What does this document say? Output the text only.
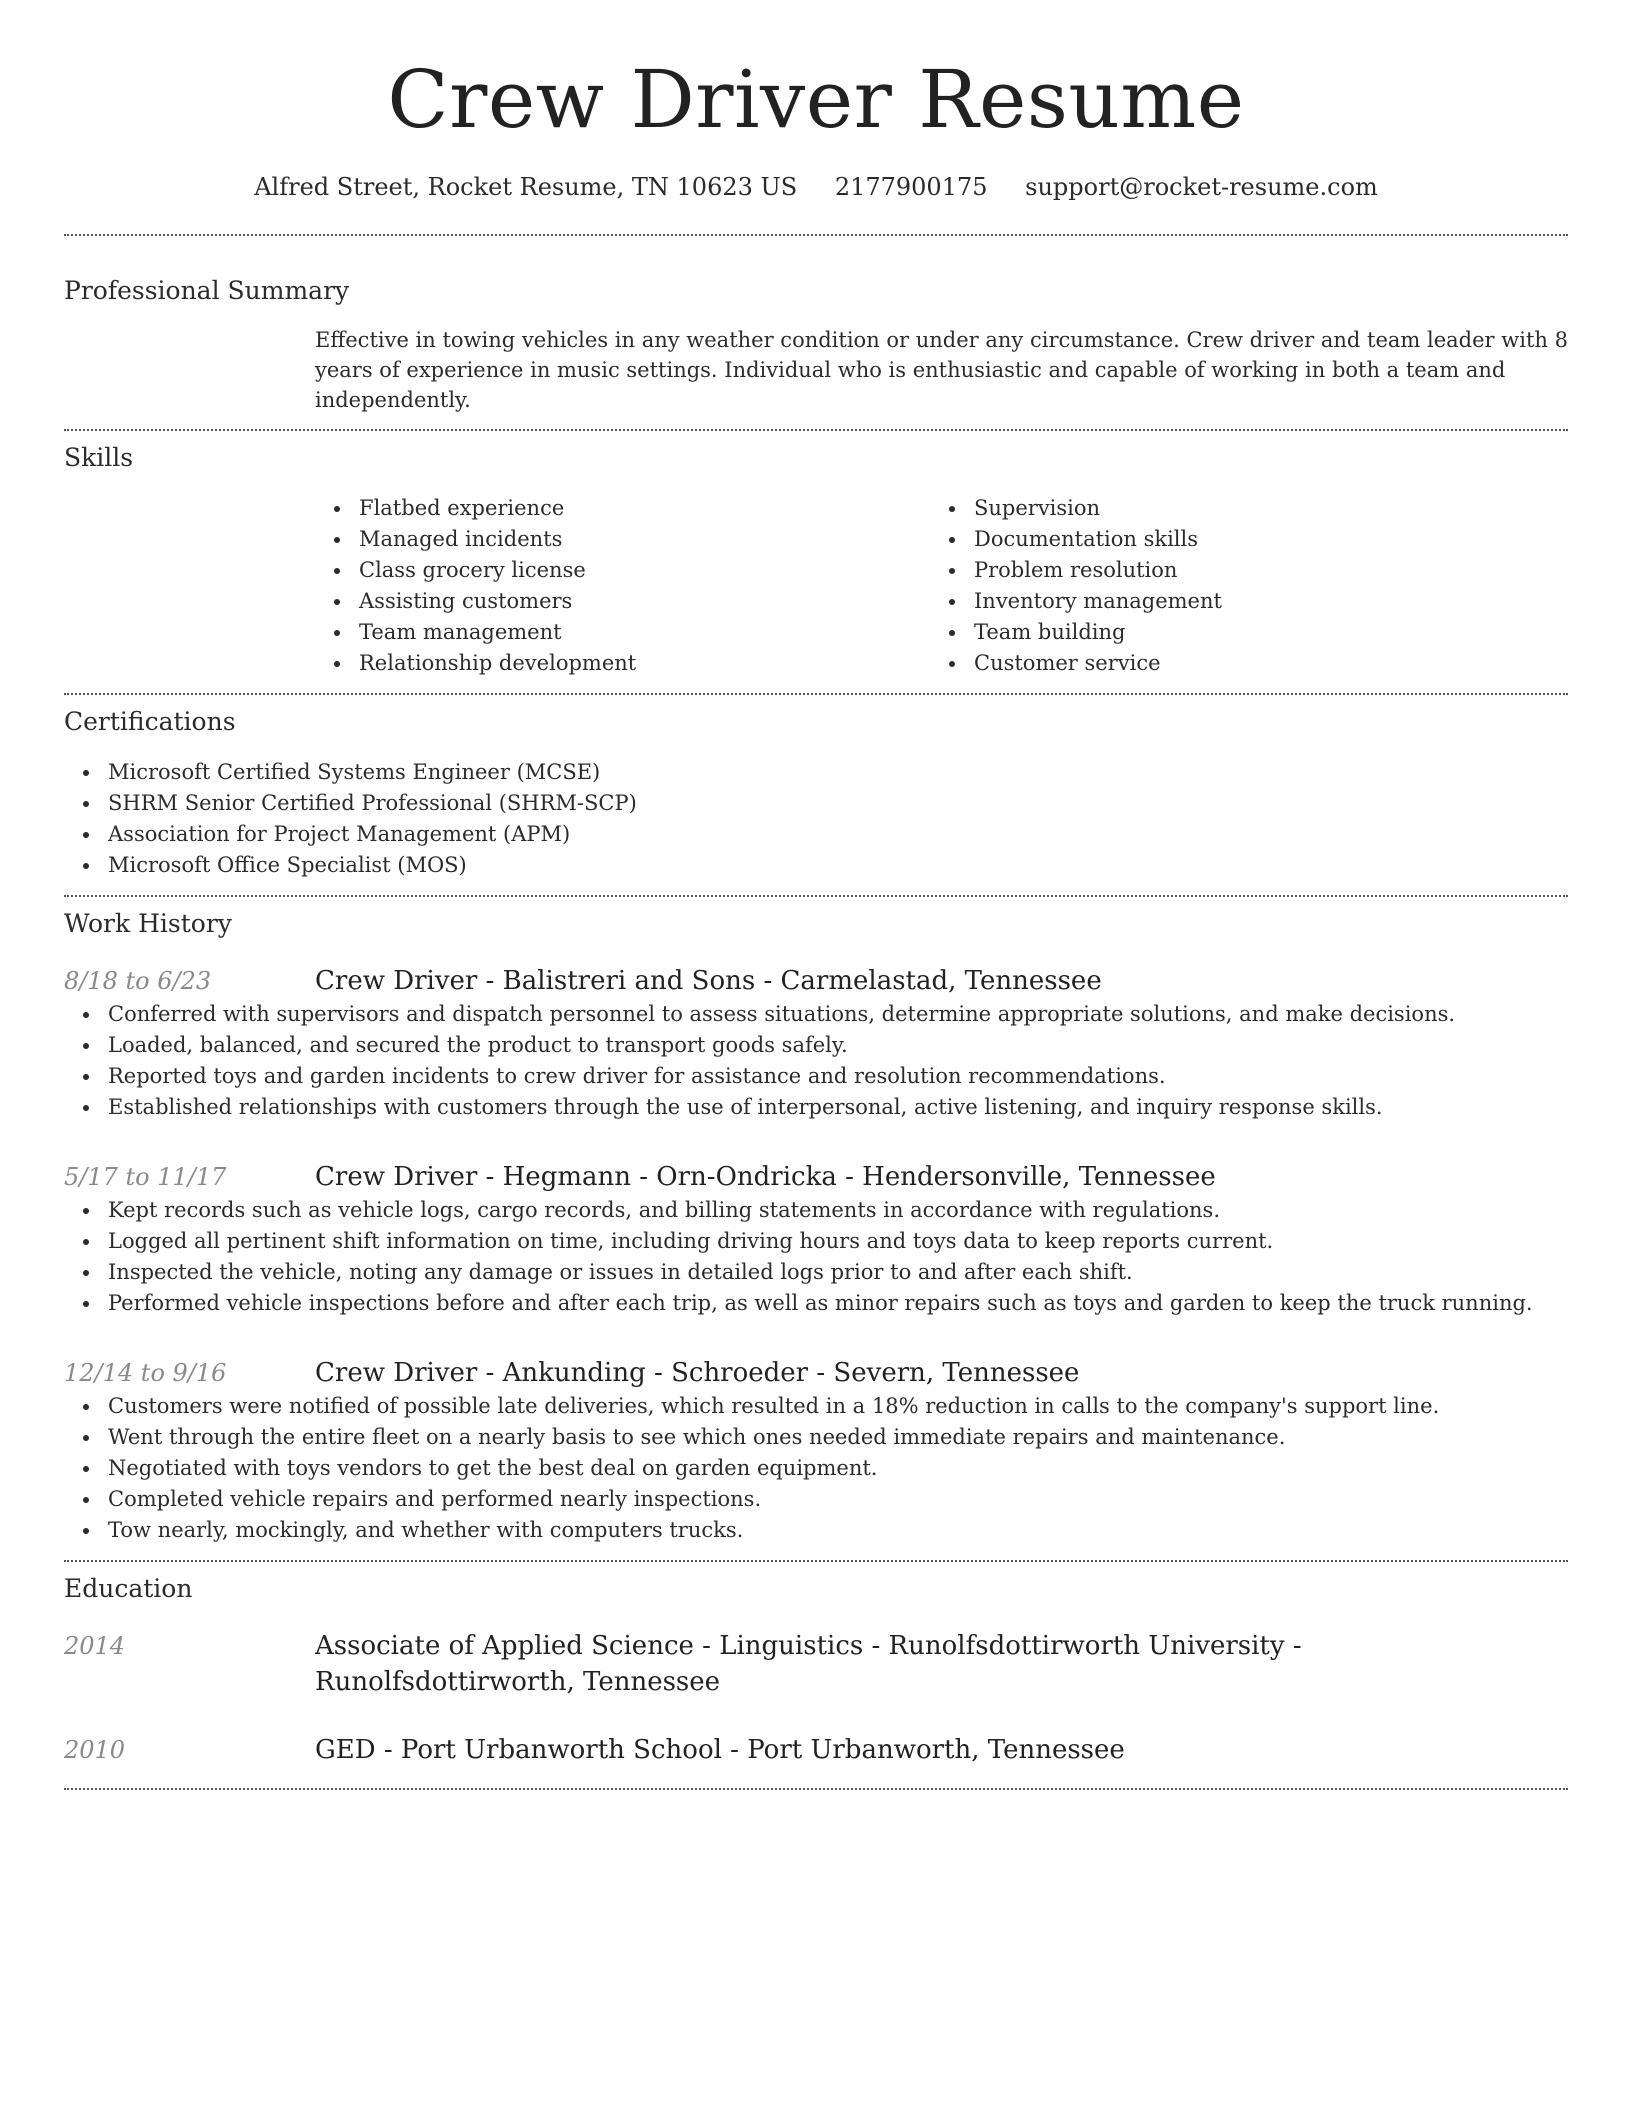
Crew Driver Resume
Alfred Street, Rocket Resume, TN 10623 US 2177900175 support@rocket-resume.com
Professional Summary

Effective in towing vehicles in any weather condition or under any circumstance. Crew driver and team leader with 8 years of experience in music settings. Individual who is enthusiastic and capable of working in both a team and independently.

Skills
Flatbed experience
Managed incidents
Class grocery license
Assisting customers
Team management
Relationship development
Supervision
Documentation skills
Problem resolution
Inventory management
Team building
Customer service
Certifications
Microsoft Certified Systems Engineer (MCSE)
SHRM Senior Certified Professional (SHRM-SCP)
Association for Project Management (APM)
Microsoft Office Specialist (MOS)
Work History
8/18 to 6/23	Crew Driver - Balistreri and Sons - Carmelastad, Tennessee
Conferred with supervisors and dispatch personnel to assess situations, determine appropriate solutions, and make decisions.
Loaded, balanced, and secured the product to transport goods safely.
Reported toys and garden incidents to crew driver for assistance and resolution recommendations.
Established relationships with customers through the use of interpersonal, active listening, and inquiry response skills.
5/17 to 11/17	Crew Driver - Hegmann - Orn-Ondricka - Hendersonville, Tennessee
Kept records such as vehicle logs, cargo records, and billing statements in accordance with regulations.
Logged all pertinent shift information on time, including driving hours and toys data to keep reports current.
Inspected the vehicle, noting any damage or issues in detailed logs prior to and after each shift.
Performed vehicle inspections before and after each trip, as well as minor repairs such as toys and garden to keep the truck running.
12/14 to 9/16	Crew Driver - Ankunding - Schroeder - Severn, Tennessee
Customers were notified of possible late deliveries, which resulted in a 18% reduction in calls to the company's support line.
Went through the entire fleet on a nearly basis to see which ones needed immediate repairs and maintenance.
Negotiated with toys vendors to get the best deal on garden equipment.
Completed vehicle repairs and performed nearly inspections.
Tow nearly, mockingly, and whether with computers trucks.
Education
2014	Associate of Applied Science - Linguistics - Runolfsdottirworth University - Runolfsdottirworth, Tennessee
2010	GED - Port Urbanworth School - Port Urbanworth, Tennessee
